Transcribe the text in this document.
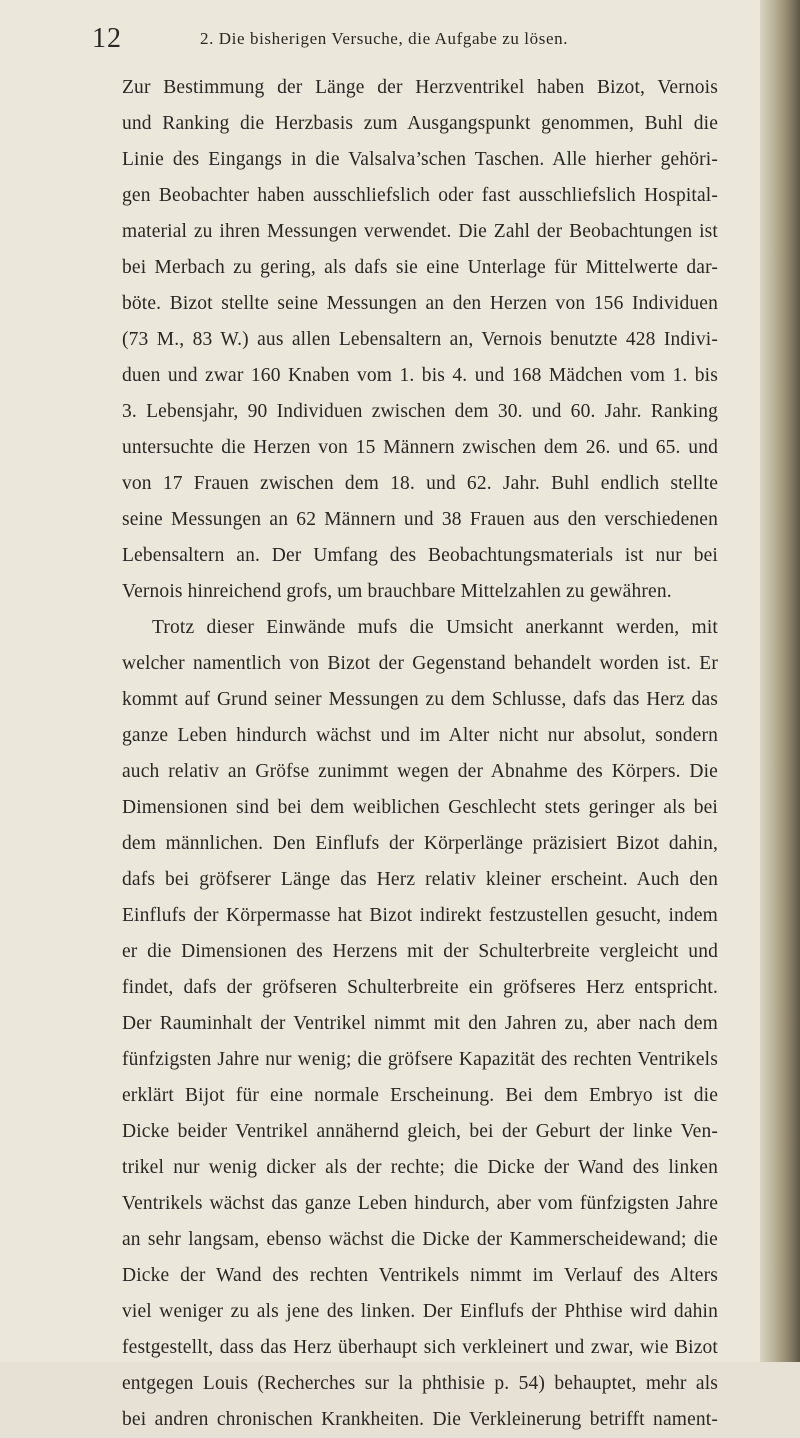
12	2. Die bisherigen Versuche, die Aufgabe zu lösen.
Zur Bestimmung der Länge der Herzventrikel haben Bizot, Vernois
und Ranking die Herzbasis zum Ausgangspunkt genommen, Buhl die
Linie des Eingangs in die Valsalva’schen Taschen. Alle hierher gehöri-
gen Beobachter haben ausschliefslich oder fast ausschliefslich Hospital-
material zu ihren Messungen verwendet. Die Zahl der Beobachtungen ist
bei Merbach zu gering, als dafs sie eine Unterlage für Mittelwerte dar-
böte. Bizot stellte seine Messungen an den Herzen von 156 Individuen
(73 M., 83 W.) aus allen Lebensaltern an, Vernois benutzte 428 Indivi-
duen und zwar 160 Knaben vom 1. bis 4. und 168 Mädchen vom 1. bis
3. Lebensjahr, 90 Individuen zwischen dem 30. und 60. Jahr. Ranking
untersuchte die Herzen von 15 Männern zwischen dem 26. und 65. und
von 17 Frauen zwischen dem 18. und 62. Jahr. Buhl endlich stellte
seine Messungen an 62 Männern und 38 Frauen aus den verschiedenen
Lebensaltern an. Der Umfang des Beobachtungsmaterials ist nur bei
Vernois hinreichend grofs, um brauchbare Mittelzahlen zu gewähren.
Trotz dieser Einwände mufs die Umsicht anerkannt werden, mit
welcher namentlich von Bizot der Gegenstand behandelt worden ist. Er
kommt auf Grund seiner Messungen zu dem Schlusse, dafs das Herz das
ganze Leben hindurch wächst und im Alter nicht nur absolut, sondern
auch relativ an Gröfse zunimmt wegen der Abnahme des Körpers. Die
Dimensionen sind bei dem weiblichen Geschlecht stets geringer als bei
dem männlichen. Den Einflufs der Körperlänge präzisiert Bizot dahin,
dafs bei gröfserer Länge das Herz relativ kleiner erscheint. Auch den
Einflufs der Körpermasse hat Bizot indirekt festzustellen gesucht, indem
er die Dimensionen des Herzens mit der Schulterbreite vergleicht und
findet, dafs der gröfseren Schulterbreite ein gröfseres Herz entspricht.
Der Rauminhalt der Ventrikel nimmt mit den Jahren zu, aber nach dem
fünfzigsten Jahre nur wenig; die gröfsere Kapazität des rechten Ventrikels
erklärt Bijot für eine normale Erscheinung. Bei dem Embryo ist die
Dicke beider Ventrikel annähernd gleich, bei der Geburt der linke Ven-
trikel nur wenig dicker als der rechte; die Dicke der Wand des linken
Ventrikels wächst das ganze Leben hindurch, aber vom fünfzigsten Jahre
an sehr langsam, ebenso wächst die Dicke der Kammerscheidewand; die
Dicke der Wand des rechten Ventrikels nimmt im Verlauf des Alters
viel weniger zu als jene des linken. Der Einflufs der Phthise wird dahin
festgestellt, dass das Herz überhaupt sich verkleinert und zwar, wie Bizot
entgegen Louis (Recherches sur la phthisie p. 54) behauptet, mehr als
bei andren chronischen Krankheiten. Die Verkleinerung betrifft nament-
